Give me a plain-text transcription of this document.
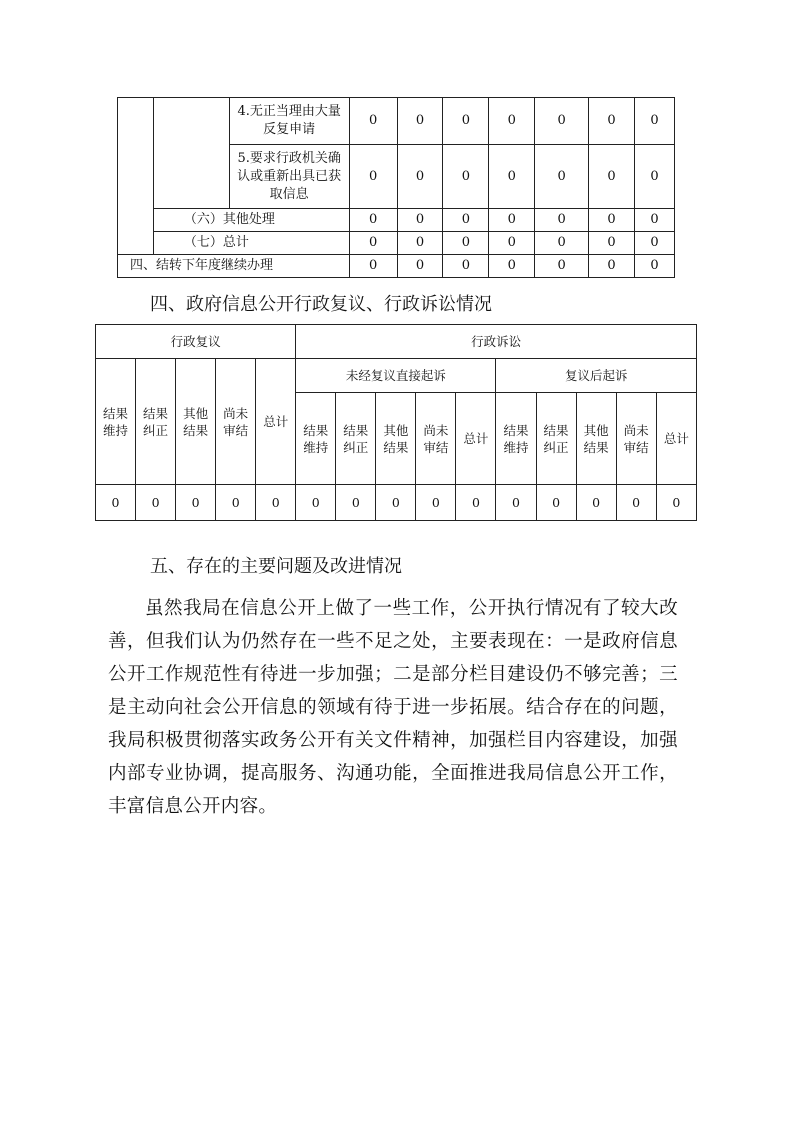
		4.无正当理由大量反复申请	0	0	0	0	0	0	0
		5.要求行政机关确认或重新出具已获取信息	0	0	0	0	0	0	0
	（六）其他处理		0	0	0	0	0	0	0
	（七）总计		0	0	0	0	0	0	0
四、结转下年度继续办理			0	0	0	0	0	0	0
四、政府信息公开行政复议、行政诉讼情况
行政复议					行政诉讼									
结果维持	结果纠正	其他结果	尚未审结	总计	未经复议直接起诉					复议后起诉				
					结果维持	结果纠正	其他结果	尚未审结	总计	结果维持	结果纠正	其他结果	尚未审结	总计
0	0	0	0	0	0	0	0	0	0	0	0	0	0	0
五、存在的主要问题及改进情况

虽然我局在信息公开上做了一些工作，公开执行情况有了较大改善，但我们认为仍然存在一些不足之处，主要表现在：一是政府信息公开工作规范性有待进一步加强；二是部分栏目建设仍不够完善；三是主动向社会公开信息的领域有待于进一步拓展。结合存在的问题，我局积极贯彻落实政务公开有关文件精神，加强栏目内容建设，加强内部专业协调，提高服务、沟通功能，全面推进我局信息公开工作，丰富信息公开内容。
